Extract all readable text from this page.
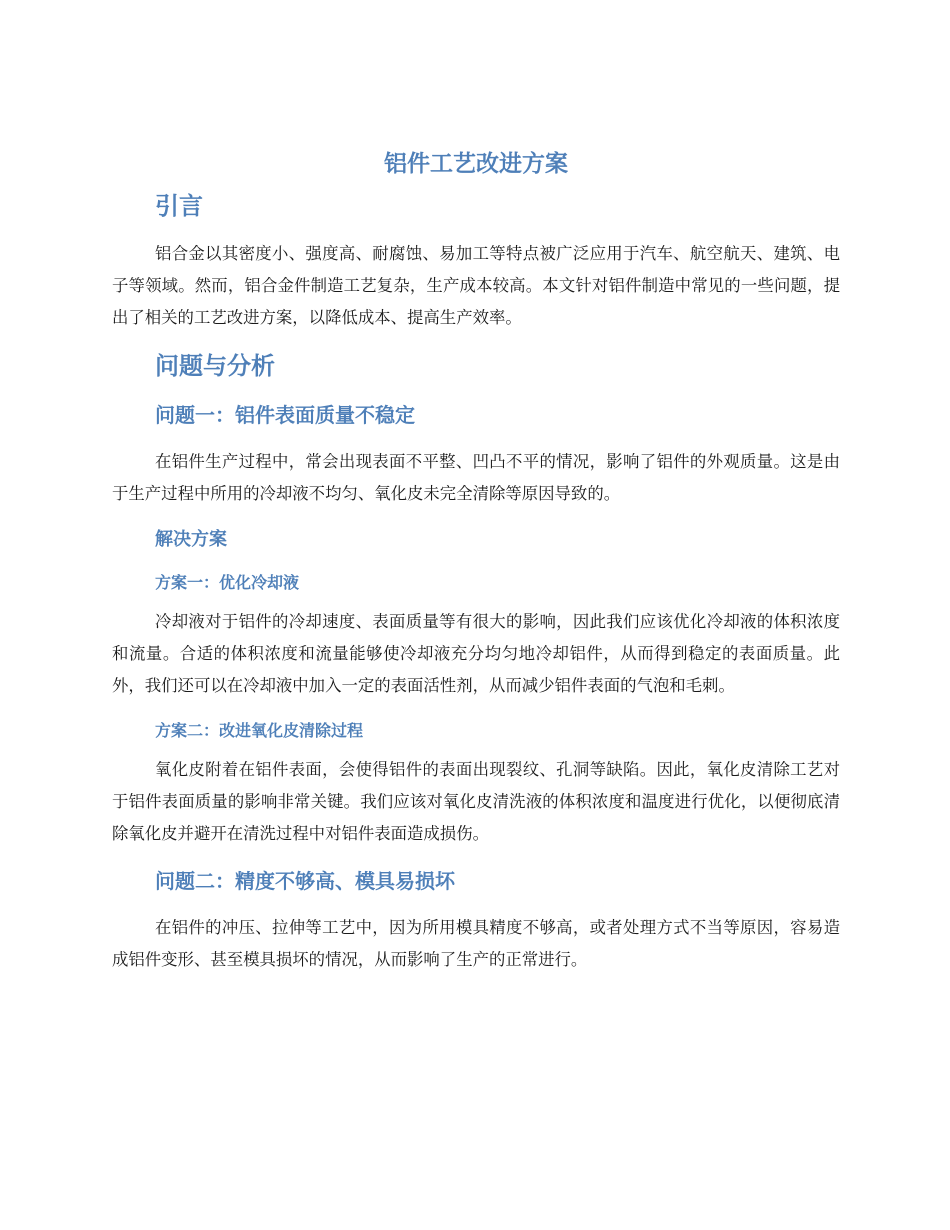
铝件工艺改进方案
引言

铝合金以其密度小、强度高、耐腐蚀、易加工等特点被广泛应用于汽车、航空航天、建筑、电子等领域。然而，铝合金件制造工艺复杂，生产成本较高。本文针对铝件制造中常见的一些问题，提出了相关的工艺改进方案，以降低成本、提高生产效率。

问题与分析
问题一：铝件表面质量不稳定

在铝件生产过程中，常会出现表面不平整、凹凸不平的情况，影响了铝件的外观质量。这是由于生产过程中所用的冷却液不均匀、氧化皮未完全清除等原因导致的。

解决方案
方案一：优化冷却液

冷却液对于铝件的冷却速度、表面质量等有很大的影响，因此我们应该优化冷却液的体积浓度和流量。合适的体积浓度和流量能够使冷却液充分均匀地冷却铝件，从而得到稳定的表面质量。此外，我们还可以在冷却液中加入一定的表面活性剂，从而减少铝件表面的气泡和毛刺。

方案二：改进氧化皮清除过程

氧化皮附着在铝件表面，会使得铝件的表面出现裂纹、孔洞等缺陷。因此，氧化皮清除工艺对于铝件表面质量的影响非常关键。我们应该对氧化皮清洗液的体积浓度和温度进行优化，以便彻底清除氧化皮并避开在清洗过程中对铝件表面造成损伤。

问题二：精度不够高、模具易损坏

在铝件的冲压、拉伸等工艺中，因为所用模具精度不够高，或者处理方式不当等原因，容易造成铝件变形、甚至模具损坏的情况，从而影响了生产的正常进行。
